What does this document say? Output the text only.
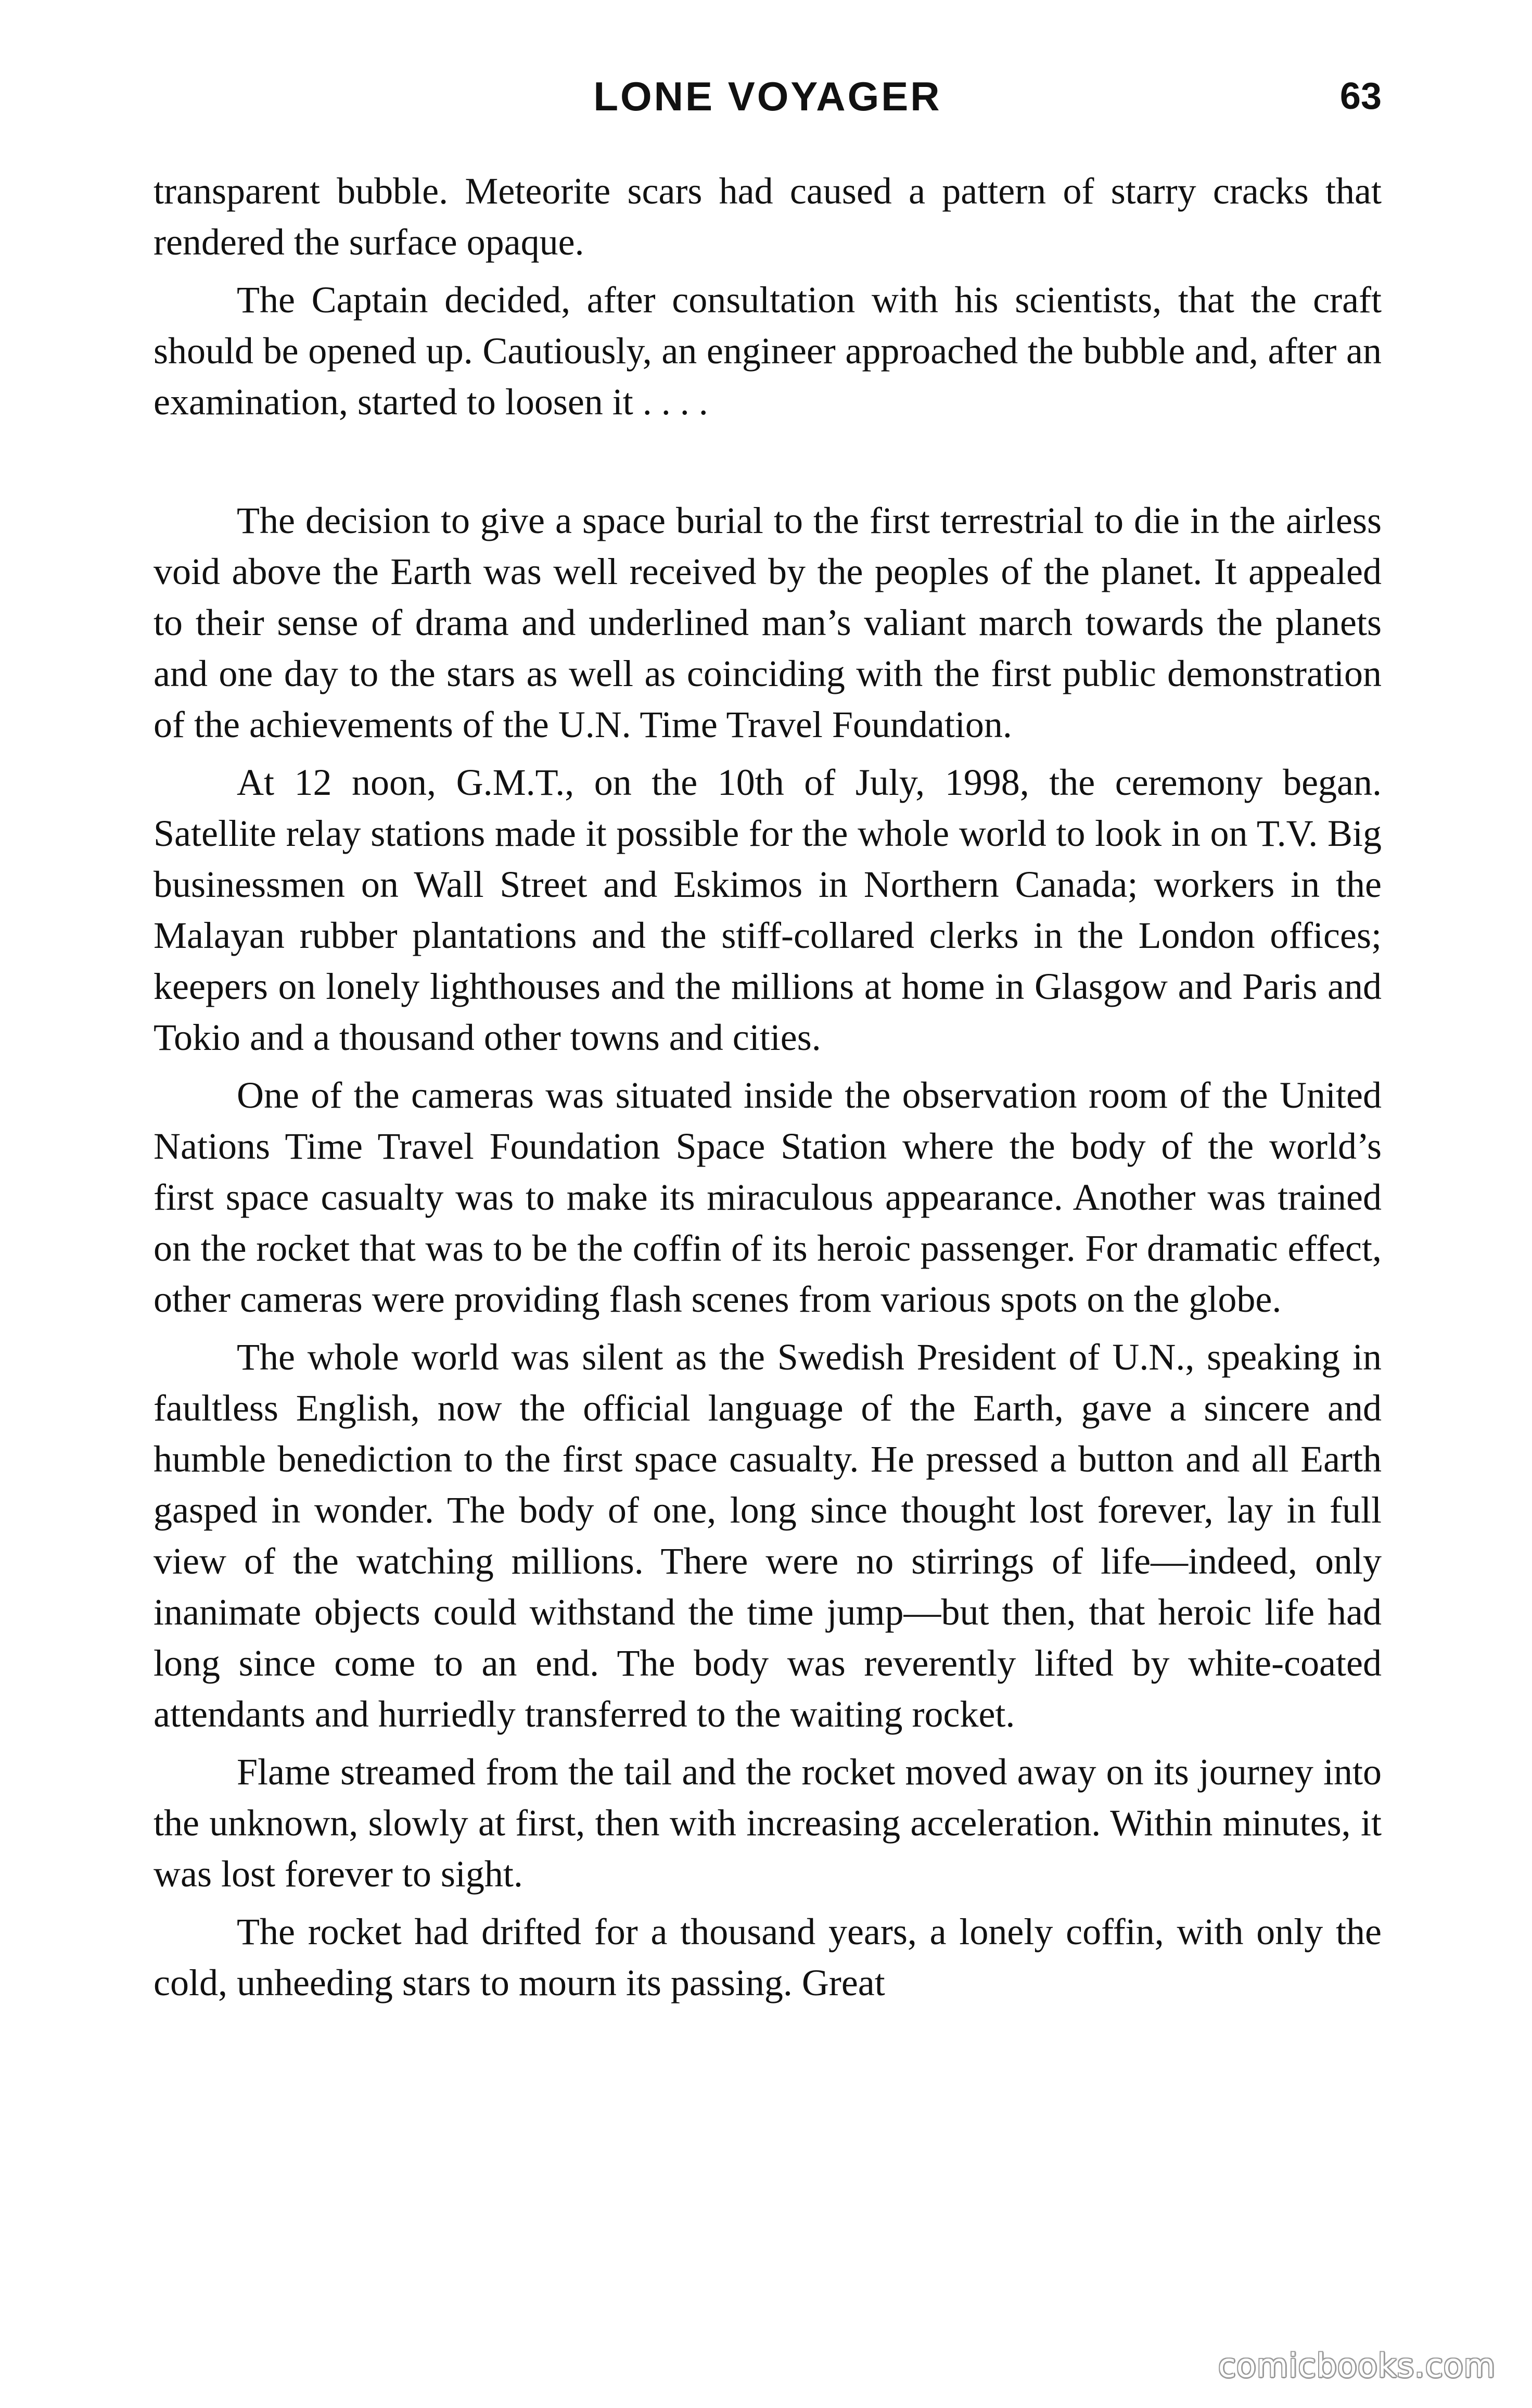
LONE VOYAGER	63

transparent bubble. Meteorite scars had caused a pattern of starry cracks that rendered the surface opaque.

The Captain decided, after consultation with his scientists, that the craft should be opened up. Cautiously, an engineer approached the bubble and, after an examination, started to loosen it . . . .

The decision to give a space burial to the first terrestrial to die in the airless void above the Earth was well received by the peoples of the planet. It appealed to their sense of drama and underlined man’s valiant march towards the planets and one day to the stars as well as coinciding with the first public demonstration of the achievements of the U.N. Time Travel Foundation.

At 12 noon, G.M.T., on the 10th of July, 1998, the ceremony began. Satellite relay stations made it possible for the whole world to look in on T.V. Big businessmen on Wall Street and Eskimos in Northern Canada; workers in the Malayan rubber plantations and the stiff-collared clerks in the London offices; keepers on lonely lighthouses and the millions at home in Glasgow and Paris and Tokio and a thousand other towns and cities.

One of the cameras was situated inside the observation room of the United Nations Time Travel Foundation Space Station where the body of the world’s first space casualty was to make its miraculous appearance. Another was trained on the rocket that was to be the coffin of its heroic passenger. For dramatic effect, other cameras were providing flash scenes from various spots on the globe.

The whole world was silent as the Swedish President of U.N., speaking in faultless English, now the official language of the Earth, gave a sincere and humble benediction to the first space casualty. He pressed a button and all Earth gasped in wonder. The body of one, long since thought lost forever, lay in full view of the watching millions. There were no stirrings of life—indeed, only inanimate objects could withstand the time jump—but then, that heroic life had long since come to an end. The body was reverently lifted by white-coated attendants and hurriedly transferred to the waiting rocket.

Flame streamed from the tail and the rocket moved away on its journey into the unknown, slowly at first, then with increasing acceleration. Within minutes, it was lost forever to sight.

The rocket had drifted for a thousand years, a lonely coffin, with only the cold, unheeding stars to mourn its passing. Great

comicbooks.com
